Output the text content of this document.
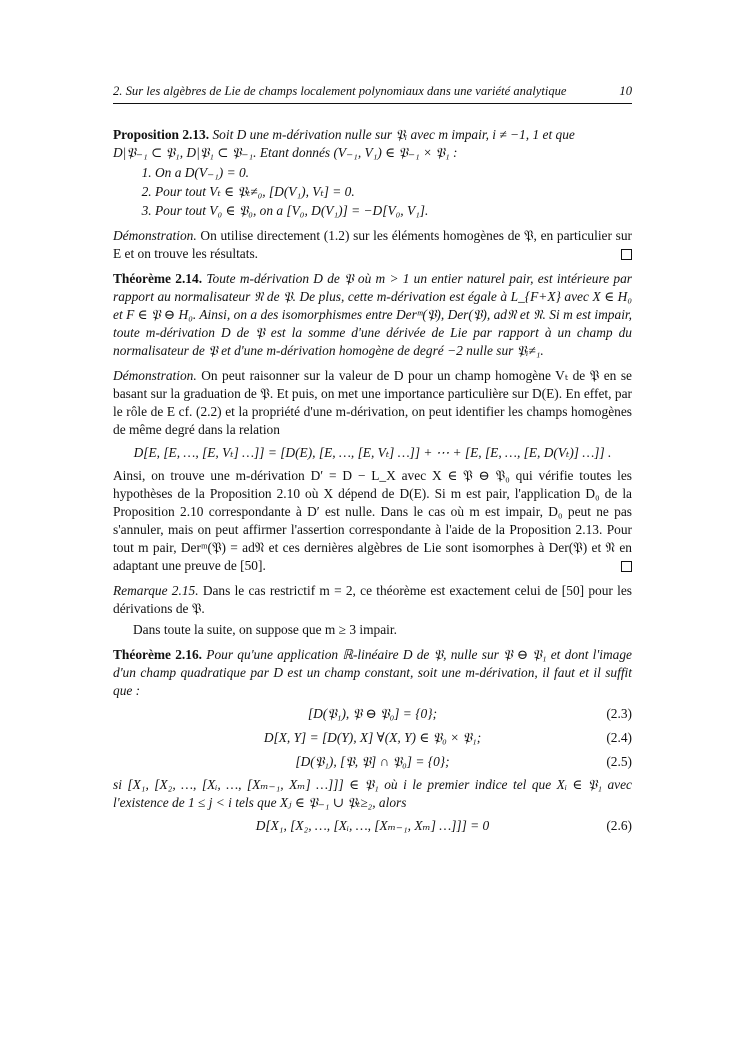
2. Sur les algèbres de Lie de champs localement polynomiaux dans une variété analytique	10

Proposition 2.13. Soit D une m-dérivation nulle sur 𝔓ᵢ avec m impair, i ≠ −1, 1 et que
D|𝔓₋₁ ⊂ 𝔓₁, D|𝔓₁ ⊂ 𝔓₋₁. Etant donnés (V₋₁, V₁) ∈ 𝔓₋₁ × 𝔓₁ :

1. On a D(V₋₁) = 0.
2. Pour tout Vₜ ∈ 𝔓ₜ≠₀, [D(V₁), Vₜ] = 0.
3. Pour tout V₀ ∈ 𝔓₀, on a [V₀, D(V₁)] = −D[V₀, V₁].

Démonstration. On utilise directement (1.2) sur les éléments homogènes de 𝔓, en particulier sur E et on trouve les résultats.

Théorème 2.14. Toute m-dérivation D de 𝔓 où m > 1 un entier naturel pair, est intérieure par rapport au normalisateur 𝔑 de 𝔓. De plus, cette m-dérivation est égale à L_{F+X} avec X ∈ H₀ et F ∈ 𝔓 ⊖ H₀. Ainsi, on a des isomorphismes entre Derᵐ(𝔓), Der(𝔓), ad𝔑 et 𝔑. Si m est impair, toute m-dérivation D de 𝔓 est la somme d'une dérivée de Lie par rapport à un champ du normalisateur de 𝔓 et d'une m-dérivation homogène de degré −2 nulle sur 𝔓ᵢ≠₁.

Démonstration. On peut raisonner sur la valeur de D pour un champ homogène Vₜ de 𝔓 en se basant sur la graduation de 𝔓. Et puis, on met une importance particulière sur D(E). En effet, par le rôle de E cf. (2.2) et la propriété d'une m-dérivation, on peut identifier les champs homogènes de même degré dans la relation

D[E, [E, …, [E, Vₜ] …]] = [D(E), [E, …, [E, Vₜ] …]] + ⋯ + [E, [E, …, [E, D(Vₜ)] …]] .

Ainsi, on trouve une m-dérivation D′ = D − L_X avec X ∈ 𝔓 ⊖ 𝔓₀ qui vérifie toutes les hypothèses de la Proposition 2.10 où X dépend de D(E). Si m est pair, l'application D₀ de la Proposition 2.10 correspondante à D′ est nulle. Dans le cas où m est impair, D₀ peut ne pas s'annuler, mais on peut affirmer l'assertion correspondante à l'aide de la Proposition 2.13. Pour tout m pair, Derᵐ(𝔓) = ad𝔑 et ces dernières algèbres de Lie sont isomorphes à Der(𝔓) et 𝔑 en adaptant une preuve de [50].

Remarque 2.15. Dans le cas restrictif m = 2, ce théorème est exactement celui de [50] pour les dérivations de 𝔓.

Dans toute la suite, on suppose que m ≥ 3 impair.

Théorème 2.16. Pour qu'une application ℝ-linéaire D de 𝔓, nulle sur 𝔓 ⊖ 𝔓₁ et dont l'image d'un champ quadratique par D est un champ constant, soit une m-dérivation, il faut et il suffit que :

[D(𝔓₁), 𝔓 ⊖ 𝔓₀] = {0};	(2.3)
D[X, Y] = [D(Y), X] ∀(X, Y) ∈ 𝔓₀ × 𝔓₁;	(2.4)
[D(𝔓₁), [𝔓, 𝔓] ∩ 𝔓₀] = {0};	(2.5)

si [X₁, [X₂, …, [Xᵢ, …, [Xₘ₋₁, Xₘ] …]]] ∈ 𝔓₁ où i le premier indice tel que Xᵢ ∈ 𝔓₁ avec l'existence de 1 ≤ j < i tels que Xⱼ ∈ 𝔓₋₁ ∪ 𝔓ₜ≥₂, alors

D[X₁, [X₂, …, [Xᵢ, …, [Xₘ₋₁, Xₘ] …]]] = 0	(2.6)
